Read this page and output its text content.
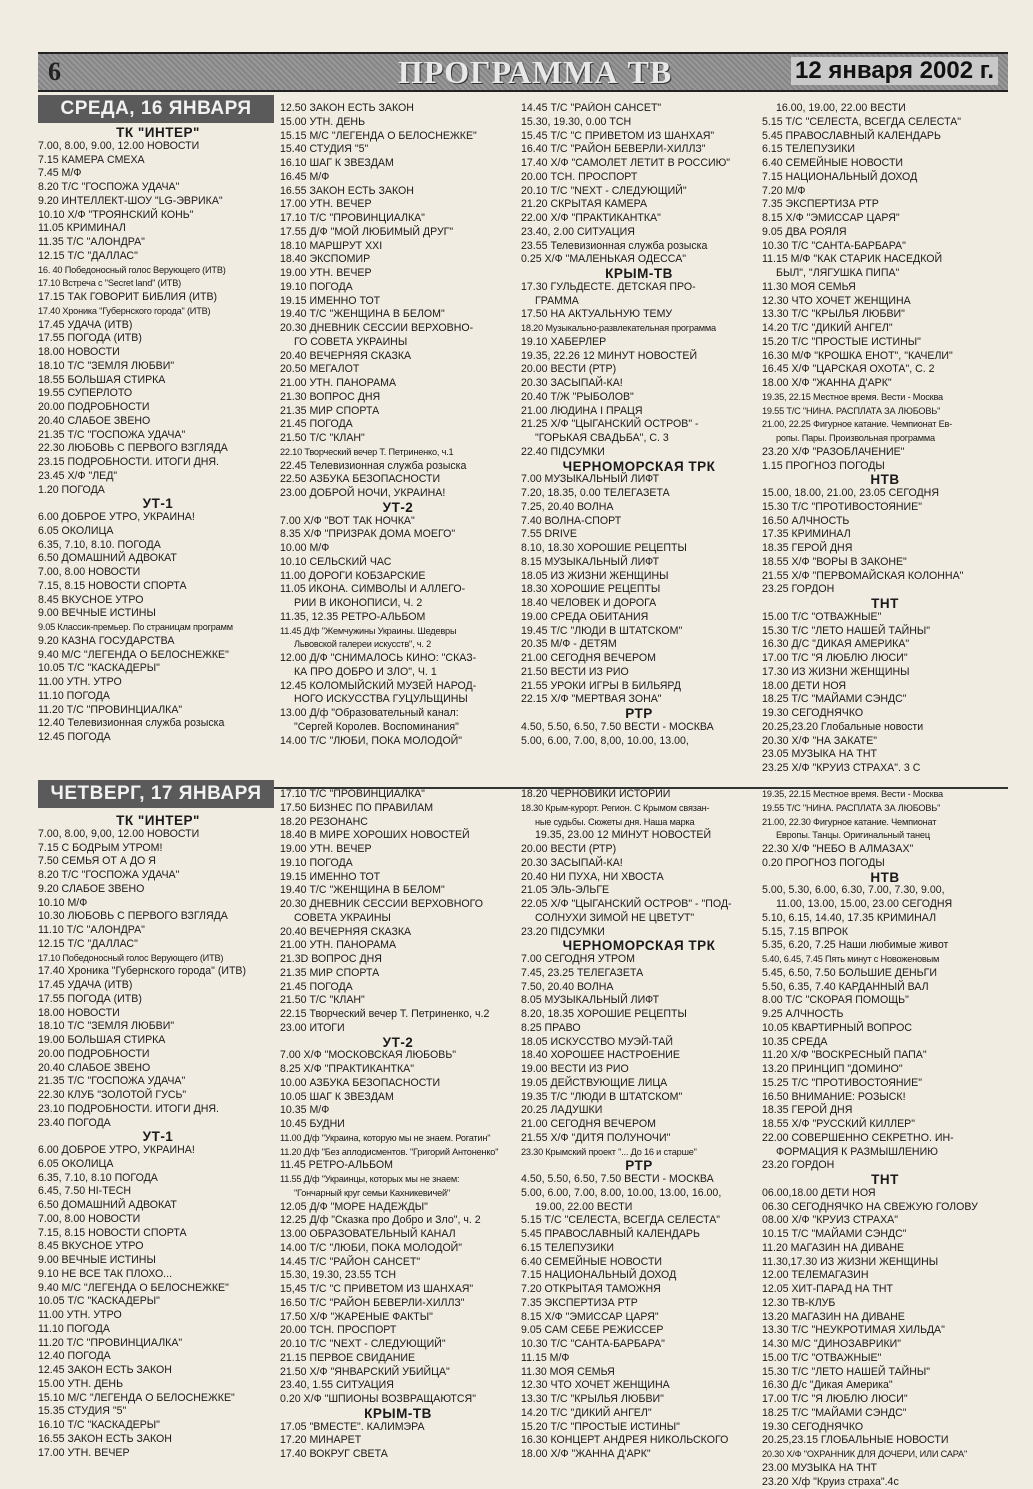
6	ПРОГРАММА ТВ	12 января 2002 г.
СРЕДА, 16 ЯНВАРЯ
ЧЕТВЕРГ, 17 ЯНВАРЯ
ТК "ИНТЕР"
7.00, 8.00, 9.00, 12.00 НОВОСТИ
7.15 КАМЕРА СМЕХА
7.45 М/Ф
8.20 Т/С "ГОСПОЖА УДАЧА"
9.20 ИНТЕЛЛЕКТ-ШОУ "LG-ЭВРИКА"
10.10 Х/Ф "ТРОЯНСКИЙ КОНЬ"
11.05 КРИМИНАЛ
11.35 Т/С "АЛОНДРА"
12.15 Т/С "ДАЛЛАС"
16. 40 Победоносный голос Верующего (ИТВ)
17.10 Встреча с "Secret land" (ИТВ)
17.15 ТАК ГОВОРИТ БИБЛИЯ (ИТВ)
17.40 Хроника "Губернского города" (ИТВ)
17.45 УДАЧА (ИТВ)
17.55 ПОГОДА (ИТВ)
18.00 НОВОСТИ
18.10 Т/С "ЗЕМЛЯ ЛЮБВИ"
18.55 БОЛЬШАЯ СТИРКА
19.55 СУПЕРЛОТО
20.00 ПОДРОБНОСТИ
20.40 СЛАБОЕ ЗВЕНО
21.35 Т/С "ГОСПОЖА УДАЧА"
22.30 ЛЮБОВЬ С ПЕРВОГО ВЗГЛЯДА
23.15 ПОДРОБНОСТИ. ИТОГИ ДНЯ.
23.45 Х/Ф "ЛЕД"
1.20 ПОГОДА
УТ-1
6.00 ДОБРОЕ УТРО, УКРАИНА!
6.05 ОКОЛИЦА
6.35, 7.10, 8.10. ПОГОДА
6.50 ДОМАШНИЙ АДВОКАТ
7.00, 8.00 НОВОСТИ
7.15, 8.15 НОВОСТИ СПОРТА
8.45 ВКУСНОЕ УТРО
9.00 ВЕЧНЫЕ ИСТИНЫ
9.05 Классик-премьер. По страницам программ
9.20 КАЗНА ГОСУДАРСТВА
9.40 М/С "ЛЕГЕНДА О БЕЛОСНЕЖКЕ"
10.05 Т/С "КАСКАДЕРЫ"
11.00 УТН. УТРО
11.10 ПОГОДА
11.20 Т/С "ПРОВИНЦИАЛКА"
12.40 Телевизионная служба розыска
12.45 ПОГОДА
12.50 ЗАКОН ЕСТЬ ЗАКОН
15.00 УТН. ДЕНЬ
15.15 М/С "ЛЕГЕНДА О БЕЛОСНЕЖКЕ"
15.40 СТУДИЯ "5"
16.10 ШАГ К ЗВЕЗДАМ
16.45 М/Ф
16.55 ЗАКОН ЕСТЬ ЗАКОН
17.00 УТН. ВЕЧЕР
17.10 Т/С "ПРОВИНЦИАЛКА"
17.55 Д/Ф "МОЙ ЛЮБИМЫЙ ДРУГ"
18.10 МАРШРУТ XXI
18.40 ЭКСПОМИР
19.00 УТН. ВЕЧЕР
19.10 ПОГОДА
19.15 ИМЕННО ТОТ
19.40 Т/С "ЖЕНЩИНА В БЕЛОМ"
20.30 ДНЕВНИК СЕССИИ ВЕРХОВНО-
ГО СОВЕТА УКРАИНЫ
20.40 ВЕЧЕРНЯЯ СКАЗКА
20.50 МЕГАЛОТ
21.00 УТН. ПАНОРАМА
21.30 ВОПРОС ДНЯ
21.35 МИР СПОРТА
21.45 ПОГОДА
21.50 Т/С "КЛАН"
22.10 Творческий вечер Т. Петриненко, ч.1
22.45 Телевизионная служба розыска
22.50 АЗБУКА БЕЗОПАСНОСТИ
23.00 ДОБРОЙ НОЧИ, УКРАИНА!
УТ-2
7.00 Х/Ф "ВОТ ТАК НОЧКА"
8.35 Х/Ф "ПРИЗРАК ДОМА МОЕГО"
10.00 М/Ф
10.10 СЕЛЬСКИЙ ЧАС
11.00 ДОРОГИ КОБЗАРСКИЕ
11.05 ИКОНА. СИМВОЛЫ И АЛЛЕГО-
РИИ В ИКОНОПИСИ, Ч. 2
11.35, 12.35 РЕТРО-АЛЬБОМ
11.45 Д/ф "Жемчужины Украины. Шедевры
Львовской галереи искусств", ч. 2
12.00 Д/Ф "СНИМАЛОСЬ КИНО: "СКАЗ-
КА ПРО ДОБРО И ЗЛО", Ч. 1
12.45 КОЛОМЫЙСКИЙ МУЗЕЙ НАРОД-
НОГО ИСКУССТВА ГУЦУЛЬЩИНЫ
13.00 Д/ф "Образовательный канал:
"Сергей Королев. Воспоминания"
14.00 Т/С "ЛЮБИ, ПОКА МОЛОДОЙ"
14.45 Т/С "РАЙОН САНСЕТ"
15.30, 19.30, 0.00 ТСН
15.45 Т/С "С ПРИВЕТОМ ИЗ ШАНХАЯ"
16.40 Т/С "РАЙОН БЕВЕРЛИ-ХИЛЛЗ"
17.40 Х/Ф "САМОЛЕТ ЛЕТИТ В РОССИЮ"
20.00 ТСН. ПРОСПОРТ
20.10 Т/С "NEXT - СЛЕДУЮЩИЙ"
21.20 СКРЫТАЯ КАМЕРА
22.00 Х/Ф "ПРАКТИКАНТКА"
23.40, 2.00 СИТУАЦИЯ
23.55 Телевизионная служба розыска
0.25 Х/Ф "МАЛЕНЬКАЯ ОДЕССА"
КРЫМ-ТВ
17.30 ГУЛЬДЕСТЕ. ДЕТСКАЯ ПРО-
ГРАММА
17.50 НА АКТУАЛЬНУЮ ТЕМУ
18.20 Музыкально-развлекательная программа
19.10 ХАБЕРЛЕР
19.35, 22.26 12 МИНУТ НОВОСТЕЙ
20.00 ВЕСТИ (РТР)
20.30 ЗАСЫПАЙ-КА!
20.40 Т/Ж "РЫБОЛОВ"
21.00 ЛЮДИНА І ПРАЦЯ
21.25 Х/Ф "ЦЫГАНСКИЙ ОСТРОВ" -
"ГОРЬКАЯ СВАДЬБА", С. 3
22.40 ПІДСУМКИ
ЧЕРНОМОРСКАЯ ТРК
7.00 МУЗЫКАЛЬНЫЙ ЛИФТ
7.20, 18.35, 0.00 ТЕЛЕГАЗЕТА
7.25, 20.40 ВОЛНА
7.40 ВОЛНА-СПОРТ
7.55 DRIVE
8.10, 18.30 ХОРОШИЕ РЕЦЕПТЫ
8.15 МУЗЫКАЛЬНЫЙ ЛИФТ
18.05 ИЗ ЖИЗНИ ЖЕНЩИНЫ
18.30 ХОРОШИЕ РЕЦЕПТЫ
18.40 ЧЕЛОВЕК И ДОРОГА
19.00 СРЕДА ОБИТАНИЯ
19.45 Т/С "ЛЮДИ В ШТАТСКОМ"
20.35 М/Ф - ДЕТЯМ
21.00 СЕГОДНЯ ВЕЧЕРОМ
21.50 ВЕСТИ ИЗ РИО
21.55 УРОКИ ИГРЫ В БИЛЬЯРД
22.15 Х/Ф "МЕРТВАЯ ЗОНА"
РТР
4.50, 5.50, 6.50, 7.50 ВЕСТИ - МОСКВА
5.00, 6.00, 7.00, 8,00, 10.00, 13.00,
16.00, 19.00, 22.00 ВЕСТИ
5.15 Т/С "СЕЛЕСТА, ВСЕГДА СЕЛЕСТА"
5.45 ПРАВОСЛАВНЫЙ КАЛЕНДАРЬ
6.15 ТЕЛЕПУЗИКИ
6.40 СЕМЕЙНЫЕ НОВОСТИ
7.15 НАЦИОНАЛЬНЫЙ ДОХОД
7.20 М/Ф
7.35 ЭКСПЕРТИЗА РТР
8.15 Х/Ф "ЭМИССАР ЦАРЯ"
9.05 ДВА РОЯЛЯ
10.30 Т/С "САНТА-БАРБАРА"
11.15 М/Ф "КАК СТАРИК НАСЕДКОЙ
БЫЛ", "ЛЯГУШКА ПИПА"
11.30 МОЯ СЕМЬЯ
12.30 ЧТО ХОЧЕТ ЖЕНЩИНА
13.30 Т/С "КРЫЛЬЯ ЛЮБВИ"
14.20 Т/С "ДИКИЙ АНГЕЛ"
15.20 Т/С "ПРОСТЫЕ ИСТИНЫ"
16.30 М/Ф "КРОШКА ЕНОТ", "КАЧЕЛИ"
16.45 Х/Ф "ЦАРСКАЯ ОХОТА", С. 2
18.00 Х/Ф "ЖАННА Д'АРК"
19.35, 22.15 Местное время. Вести - Москва
19.55 Т/С "НИНА. РАСПЛАТА ЗА ЛЮБОВЬ"
21.00, 22.25 Фигурное катание. Чемпионат Ев-
ропы. Пары. Произвольная программа
23.20 Х/Ф "РАЗОБЛАЧЕНИЕ"
1.15 ПРОГНОЗ ПОГОДЫ
НТВ
15.00, 18.00, 21.00, 23.05 СЕГОДНЯ
15.30 Т/С "ПРОТИВОСТОЯНИЕ"
16.50 АЛЧНОСТЬ
17.35 КРИМИНАЛ
18.35 ГЕРОЙ ДНЯ
18.55 Х/Ф "ВОРЫ В ЗАКОНЕ"
21.55 Х/Ф "ПЕРВОМАЙСКАЯ КОЛОННА"
23.25 ГОРДОН
ТНТ
15.00 Т/С "ОТВАЖНЫЕ"
15.30 Т/С "ЛЕТО НАШЕЙ ТАЙНЫ"
16.30 Д/С "ДИКАЯ АМЕРИКА"
17.00 Т/С "Я ЛЮБЛЮ ЛЮСИ"
17.30 ИЗ ЖИЗНИ ЖЕНЩИНЫ
18.00 ДЕТИ НОЯ
18.25 Т/С "МАЙАМИ СЭНДС"
19.30 СЕГОДНЯЧКО
20.25,23.20 Глобальные новости
20.30 Х/Ф "НА ЗАКАТЕ"
23.05 МУЗЫКА НА ТНТ
23.25 Х/Ф "КРУИЗ СТРАХА". 3 С
ТК "ИНТЕР"
7.00, 8.00, 9,00, 12.00 НОВОСТИ
7.15 С БОДРЫМ УТРОМ!
7.50 СЕМЬЯ ОТ А ДО Я
8.20 Т/С "ГОСПОЖА УДАЧА"
9.20 СЛАБОЕ ЗВЕНО
10.10 М/Ф
10.30 ЛЮБОВЬ С ПЕРВОГО ВЗГЛЯДА
11.10 Т/С "АЛОНДРА"
12.15 Т/С "ДАЛЛАС"
17.10 Победоносный голос Верующего (ИТВ)
17.40 Хроника "Губернского города" (ИТВ)
17.45 УДАЧА (ИТВ)
17.55 ПОГОДА (ИТВ)
18.00 НОВОСТИ
18.10 Т/С "ЗЕМЛЯ ЛЮБВИ"
19.00 БОЛЬШАЯ СТИРКА
20.00 ПОДРОБНОСТИ
20.40 СЛАБОЕ ЗВЕНО
21.35 Т/С "ГОСПОЖА УДАЧА"
22.30 КЛУБ "ЗОЛОТОЙ ГУСЬ"
23.10 ПОДРОБНОСТИ. ИТОГИ ДНЯ.
23.40 ПОГОДА
УТ-1
6.00 ДОБРОЕ УТРО, УКРАИНА!
6.05 ОКОЛИЦА
6.35, 7.10, 8.10 ПОГОДА
6.45, 7.50 HI-TECH
6.50 ДОМАШНИЙ АДВОКАТ
7.00, 8.00 НОВОСТИ
7.15, 8.15 НОВОСТИ СПОРТА
8.45 ВКУСНОЕ УТРО
9.00 ВЕЧНЫЕ ИСТИНЫ
9.10 НЕ ВСЕ ТАК ПЛОХО...
9.40 М/С "ЛЕГЕНДА О БЕЛОСНЕЖКЕ"
10.05 Т/С "КАСКАДЕРЫ"
11.00 УТН. УТРО
11.10 ПОГОДА
11.20 Т/С "ПРОВИНЦИАЛКА"
12.40 ПОГОДА
12.45 ЗАКОН ЕСТЬ ЗАКОН
15.00 УТН. ДЕНЬ
15.10 М/С "ЛЕГЕНДА О БЕЛОСНЕЖКЕ"
15.35 СТУДИЯ "5"
16.10 Т/С "КАСКАДЕРЫ"
16.55 ЗАКОН ЕСТЬ ЗАКОН
17.00 УТН. ВЕЧЕР
17.10 Т/С "ПРОВИНЦИАЛКА"
17.50 БИЗНЕС ПО ПРАВИЛАМ
18.20 РЕЗОНАНС
18.40 В МИРЕ ХОРОШИХ НОВОСТЕЙ
19.00 УТН. ВЕЧЕР
19.10 ПОГОДА
19.15 ИМЕННО ТОТ
19.40 Т/С "ЖЕНЩИНА В БЕЛОМ"
20.30 ДНЕВНИК СЕССИИ ВЕРХОВНОГО
СОВЕТА УКРАИНЫ
20.40 ВЕЧЕРНЯЯ СКАЗКА
21.00 УТН. ПАНОРАМА
21.3D ВОПРОС ДНЯ
21.35 МИР СПОРТА
21.45 ПОГОДА
21.50 Т/С "КЛАН"
22.15 Творческий вечер Т. Петриненко, ч.2
23.00 ИТОГИ
УТ-2
7.00 Х/Ф "МОСКОВСКАЯ ЛЮБОВЬ"
8.25 Х/Ф "ПРАКТИКАНТКА"
10.00 АЗБУКА БЕЗОПАСНОСТИ
10.05 ШАГ К ЗВЕЗДАМ
10.35 М/Ф
10.45 БУДНИ
11.00 Д/ф "Украина, которую мы не знаем. Рогатин"
11.20 Д/ф "Без аплодисментов. "Григорий Антоненко"
11.45 РЕТРО-АЛЬБОМ
11.55 Д/ф "Украинцы, которых мы не знаем:
"Гончарный круг семьи Кахникевичей"
12.05 Д/Ф "МОРЕ НАДЕЖДЫ"
12.25 Д/ф "Сказка про Добро и Зло", ч. 2
13.00 ОБРАЗОВАТЕЛЬНЫЙ КАНАЛ
14.00 Т/С "ЛЮБИ, ПОКА МОЛОДОЙ"
14.45 Т/С "РАЙОН САНСЕТ"
15.30, 19.30, 23.55 ТСН
15,45 Т/С "С ПРИВЕТОМ ИЗ ШАНХАЯ"
16.50 Т/С "РАЙОН БЕВЕРЛИ-ХИЛЛЗ"
17.50 Х/Ф "ЖАРЕНЫЕ ФАКТЫ"
20.00 ТСН. ПРОСПОРТ
20.10 Т/С "NEXT - СЛЕДУЮЩИЙ"
21.15 ПЕРВОЕ СВИДАНИЕ
21.50 Х/Ф "ЯНВАРСКИЙ УБИЙЦА"
23.40, 1.55 СИТУАЦИЯ
0.20 Х/Ф "ШПИОНЫ ВОЗВРАЩАЮТСЯ"
КРЫМ-ТВ
17.05 "ВМЕСТЕ". КАЛИМЭРА
17.20 МИНАРЕТ
17.40 ВОКРУГ СВЕТА
18.20 ЧЕРНОВИКИ ИСТОРИИ
18.30 Крым-курорт. Регион. С Крымом связан-
ные судьбы. Сюжеты дня. Наша марка
19.35, 23.00 12 МИНУТ НОВОСТЕЙ
20.00 ВЕСТИ (РТР)
20.30 ЗАСЫПАЙ-КА!
20.40 НИ ПУХА, НИ ХВОСТА
21.05 ЭЛЬ-ЭЛЬГЕ
22.05 Х/Ф "ЦЫГАНСКИЙ ОСТРОВ" - "ПОД-
СОЛНУХИ ЗИМОЙ НЕ ЦВЕТУТ"
23.20 ПІДСУМКИ
ЧЕРНОМОРСКАЯ ТРК
7.00 СЕГОДНЯ УТРОМ
7.45, 23.25 ТЕЛЕГАЗЕТА
7.50, 20.40 ВОЛНА
8.05 МУЗЫКАЛЬНЫЙ ЛИФТ
8.20, 18.35 ХОРОШИЕ РЕЦЕПТЫ
8.25 ПРАВО
18.05 ИСКУССТВО МУЭЙ-ТАЙ
18.40 ХОРОШЕЕ НАСТРОЕНИЕ
19.00 ВЕСТИ ИЗ РИО
19.05 ДЕЙСТВУЮЩИЕ ЛИЦА
19.35 Т/С "ЛЮДИ В ШТАТСКОМ"
20.25 ЛАДУШКИ
21.00 СЕГОДНЯ ВЕЧЕРОМ
21.55 Х/Ф "ДИТЯ ПОЛУНОЧИ"
23.30 Крымский проект "... До 16 и старше"
РТР
4.50, 5.50, 6.50, 7.50 ВЕСТИ - МОСКВА
5.00, 6.00, 7.00, 8.00, 10.00, 13.00, 16.00,
19.00, 22.00 ВЕСТИ
5.15 Т/С "СЕЛЕСТА, ВСЕГДА СЕЛЕСТА"
5.45 ПРАВОСЛАВНЫЙ КАЛЕНДАРЬ
6.15 ТЕЛЕПУЗИКИ
6.40 СЕМЕЙНЫЕ НОВОСТИ
7.15 НАЦИОНАЛЬНЫЙ ДОХОД
7.20 ОТКРЫТАЯ ТАМОЖНЯ
7.35 ЭКСПЕРТИЗА РТР
8.15 Х/Ф "ЭМИССАР ЦАРЯ"
9.05 САМ СЕБЕ РЕЖИССЕР
10.30 Т/С "САНТА-БАРБАРА"
11.15 М/Ф
11.30 МОЯ СЕМЬЯ
12.30 ЧТО ХОЧЕТ ЖЕНЩИНА
13.30 Т/С "КРЫЛЬЯ ЛЮБВИ"
14.20 Т/С "ДИКИЙ АНГЕЛ"
15.20 Т/С "ПРОСТЫЕ ИСТИНЫ"
16.30 КОНЦЕРТ АНДРЕЯ НИКОЛЬСКОГО
18.00 Х/Ф "ЖАННА Д'АРК"
19.35, 22.15 Местное время. Вести - Москва
19.55 Т/С "НИНА. РАСПЛАТА ЗА ЛЮБОВЬ"
21.00, 22.30 Фигурное катание. Чемпионат
Европы. Танцы. Оригинальный танец
22.30 Х/Ф "НЕБО В АЛМАЗАХ"
0.20 ПРОГНОЗ ПОГОДЫ
НТВ
5.00, 5.30, 6.00, 6.30, 7.00, 7.30, 9.00,
11.00, 13.00, 15.00, 23.00 СЕГОДНЯ
5.10, 6.15, 14.40, 17.35 КРИМИНАЛ
5.15, 7.15 ВПРОК
5.35, 6.20, 7.25 Наши любимые живот
5.40, 6.45, 7.45 Пять минут с Новоженовым
5.45, 6.50, 7.50 БОЛЬШИЕ ДЕНЬГИ
5.50, 6.35, 7.40 КАРДАННЫЙ ВАЛ
8.00 Т/С "СКОРАЯ ПОМОЩЬ"
9.25 АЛЧНОСТЬ
10.05 КВАРТИРНЫЙ ВОПРОС
10.35 СРЕДА
11.20 Х/Ф "ВОСКРЕСНЫЙ ПАПА"
13.20 ПРИНЦИП "ДОМИНО"
15.25 Т/С "ПРОТИВОСТОЯНИЕ"
16.50 ВНИМАНИЕ: РОЗЫСК!
18.35 ГЕРОЙ ДНЯ
18.55 Х/Ф "РУССКИЙ КИЛЛЕР"
22.00 СОВЕРШЕННО СЕКРЕТНО. ИН-
ФОРМАЦИЯ К РАЗМЫШЛЕНИЮ
23.20 ГОРДОН
ТНТ
06.00,18.00 ДЕТИ НОЯ
06.30 СЕГОДНЯЧКО НА СВЕЖУЮ ГОЛОВУ
08.00 Х/Ф "КРУИЗ СТРАХА"
10.15 Т/С "МАЙАМИ СЭНДС"
11.20 МАГАЗИН НА ДИВАНЕ
11.30,17.30 ИЗ ЖИЗНИ ЖЕНЩИНЫ
12.00 ТЕЛЕМАГАЗИН
12.05 ХИТ-ПАРАД НА ТНТ
12.30 ТВ-КЛУБ
13.20 МАГАЗИН НА ДИВАНЕ
13.30 Т/С "НЕУКРОТИМАЯ ХИЛЬДА"
14.30 М/С "ДИНОЗАВРИКИ"
15.00 Т/С "ОТВАЖНЫЕ"
15.30 Т/С "ЛЕТО НАШЕЙ ТАЙНЫ"
16.30 Д/с "Дикая Америка"
17.00 Т/С "Я ЛЮБЛЮ ЛЮСИ"
18.25 Т/С "МАЙАМИ СЭНДС"
19.30 СЕГОДНЯЧКО
20.25,23.15 ГЛОБАЛЬНЫЕ НОВОСТИ
20.30 Х/Ф "ОХРАННИК ДЛЯ ДОЧЕРИ, ИЛИ САРА"
23.00 МУЗЫКА НА ТНТ
23.20 Х/ф "Круиз страха".4с
